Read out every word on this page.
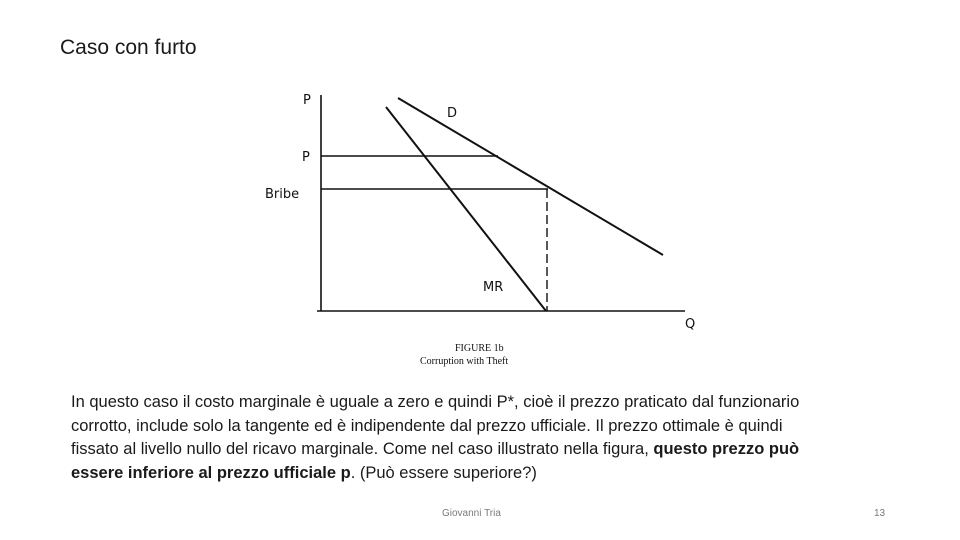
Caso con furto
P
P
Bribe
D
MR
Q
FIGURE 1b
Corruption with Theft

In questo caso il costo marginale è uguale a zero e quindi P*, cioè il prezzo praticato dal funzionario corrotto, include solo la tangente ed è indipendente dal prezzo ufficiale. Il prezzo ottimale è quindi fissato al livello nullo del ricavo marginale. Come nel caso illustrato nella figura, questo prezzo può essere inferiore al prezzo ufficiale p. (Può essere superiore?)

Giovanni Tria	13
